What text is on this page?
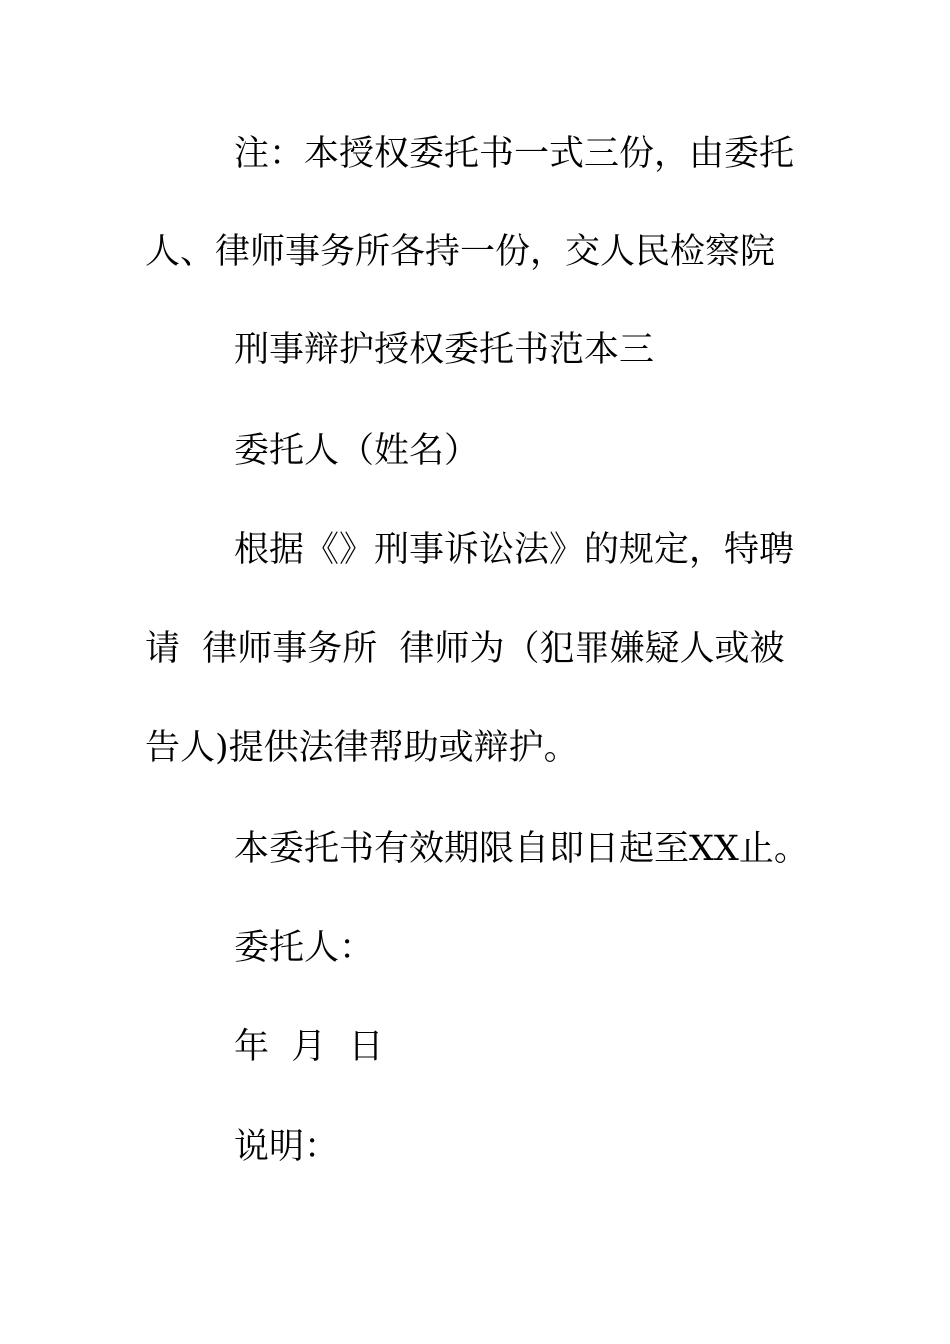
注：本授权委托书一式三份，由委托
人、律师事务所各持一份，交人民检察院
刑事辩护授权委托书范本三
委托人（姓名）
根据《》刑事诉讼法》的规定，特聘
请  律师事务所  律师为（犯罪嫌疑人或被
告人)提供法律帮助或辩护。
本委托书有效期限自即日起至XX止。
委托人：
年  月  日
说明：
